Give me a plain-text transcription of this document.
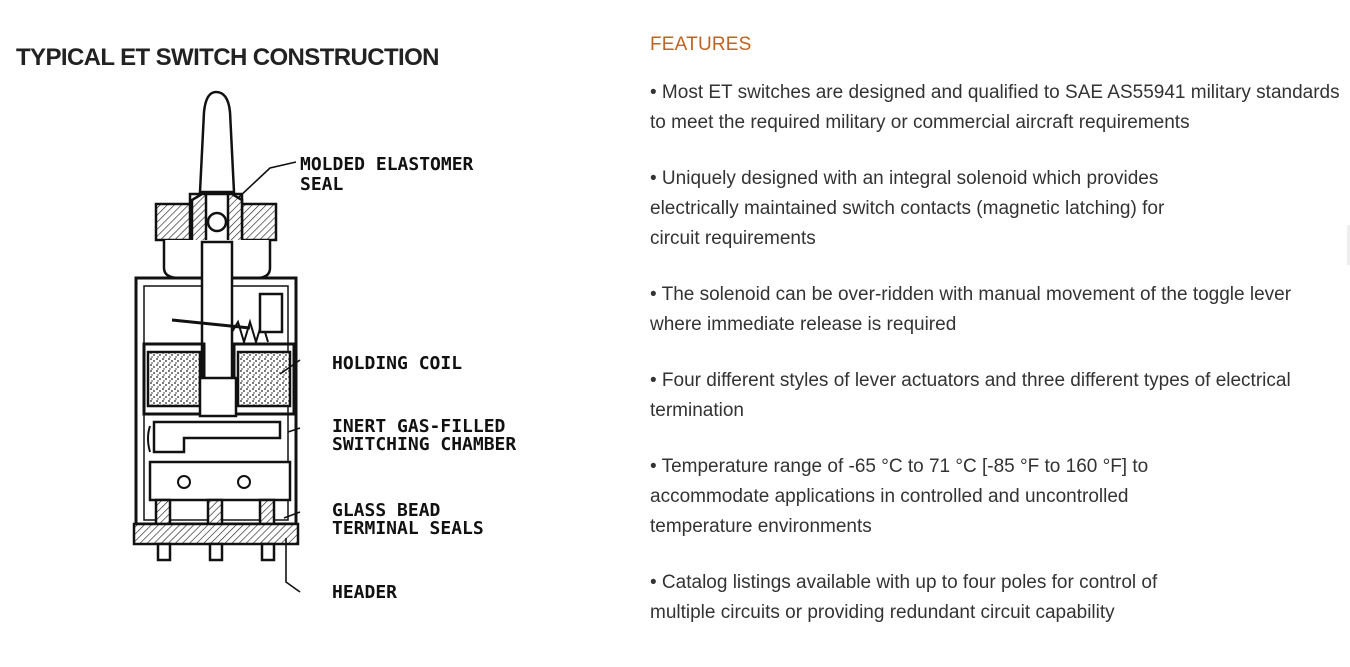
TYPICAL ET SWITCH CONSTRUCTION
MOLDED ELASTOMER
SEAL
HOLDING COIL
INERT GAS-FILLED
SWITCHING CHAMBER
GLASS BEAD
TERMINAL SEALS
HEADER
FEATURES

• Most ET switches are designed and qualified to SAE AS55941 military standards to meet the required military or commercial aircraft requirements

• Uniquely designed with an integral solenoid which provides electrically maintained switch contacts (magnetic latching) for circuit requirements

• The solenoid can be over-ridden with manual movement of the toggle lever where immediate release is required

• Four different styles of lever actuators and three different types of electrical termination

• Temperature range of -65 °C to 71 °C [-85 °F to 160 °F] to accommodate applications in controlled and uncontrolled temperature environments

• Catalog listings available with up to four poles for control of multiple circuits or providing redundant circuit capability
